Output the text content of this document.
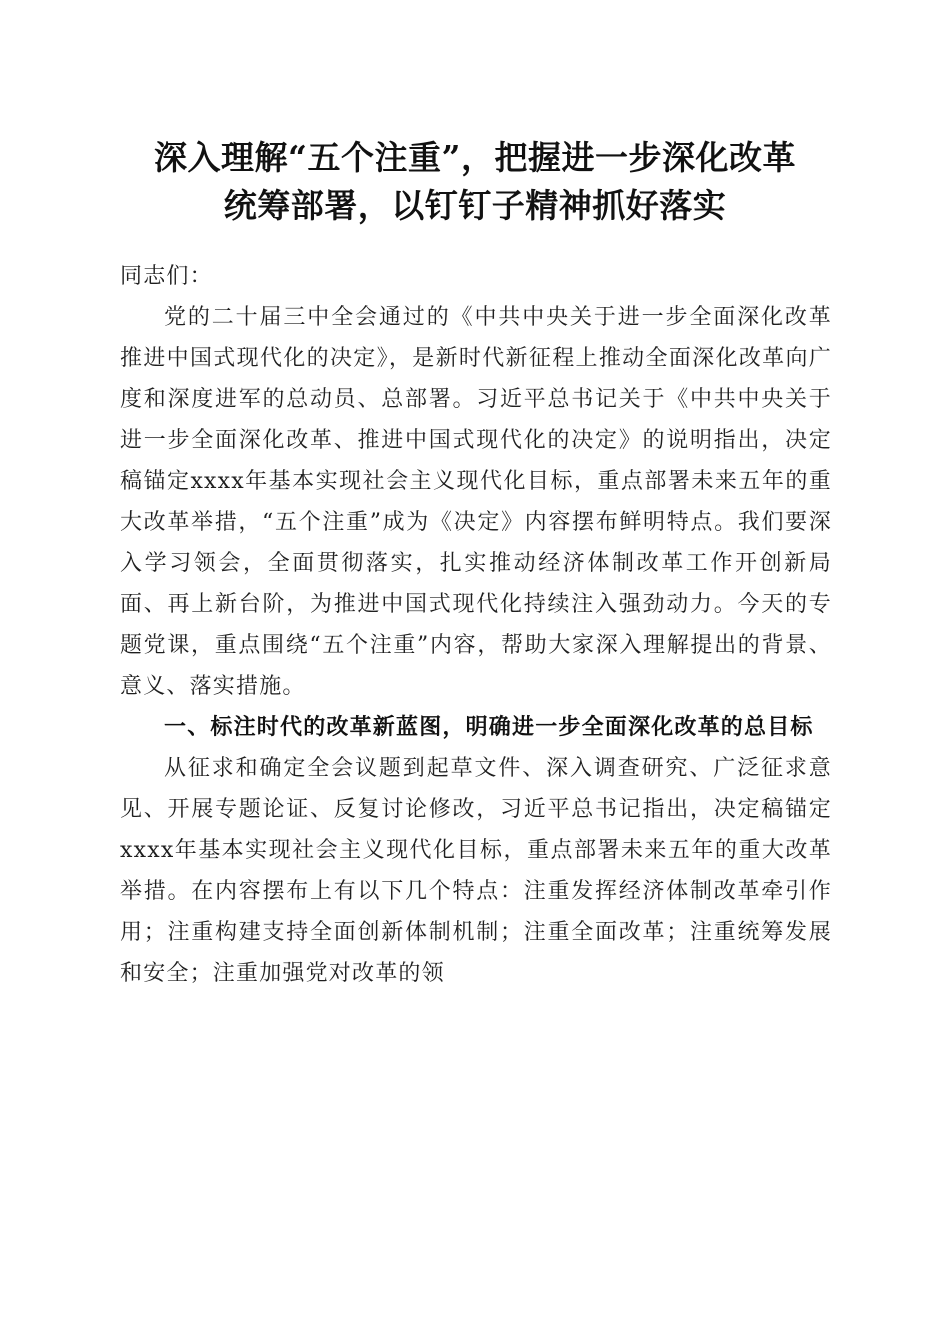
深入理解“五个注重”，把握进一步深化改革
统筹部署，以钉钉子精神抓好落实

同志们：

党的二十届三中全会通过的《中共中央关于进一步全面深化改革推进中国式现代化的决定》，是新时代新征程上推动全面深化改革向广度和深度进军的总动员、总部署。习近平总书记关于《中共中央关于进一步全面深化改革、推进中国式现代化的决定》的说明指出，决定稿锚定xxxx年基本实现社会主义现代化目标，重点部署未来五年的重大改革举措，“五个注重”成为《决定》内容摆布鲜明特点。我们要深入学习领会，全面贯彻落实，扎实推动经济体制改革工作开创新局面、再上新台阶，为推进中国式现代化持续注入强劲动力。今天的专题党课，重点围绕“五个注重”内容，帮助大家深入理解提出的背景、意义、落实措施。

一、标注时代的改革新蓝图，明确进一步全面深化改革的总目标

从征求和确定全会议题到起草文件、深入调查研究、广泛征求意见、开展专题论证、反复讨论修改，习近平总书记指出，决定稿锚定xxxx年基本实现社会主义现代化目标，重点部署未来五年的重大改革举措。在内容摆布上有以下几个特点：注重发挥经济体制改革牵引作用；注重构建支持全面创新体制机制；注重全面改革；注重统筹发展和安全；注重加强党对改革的领
